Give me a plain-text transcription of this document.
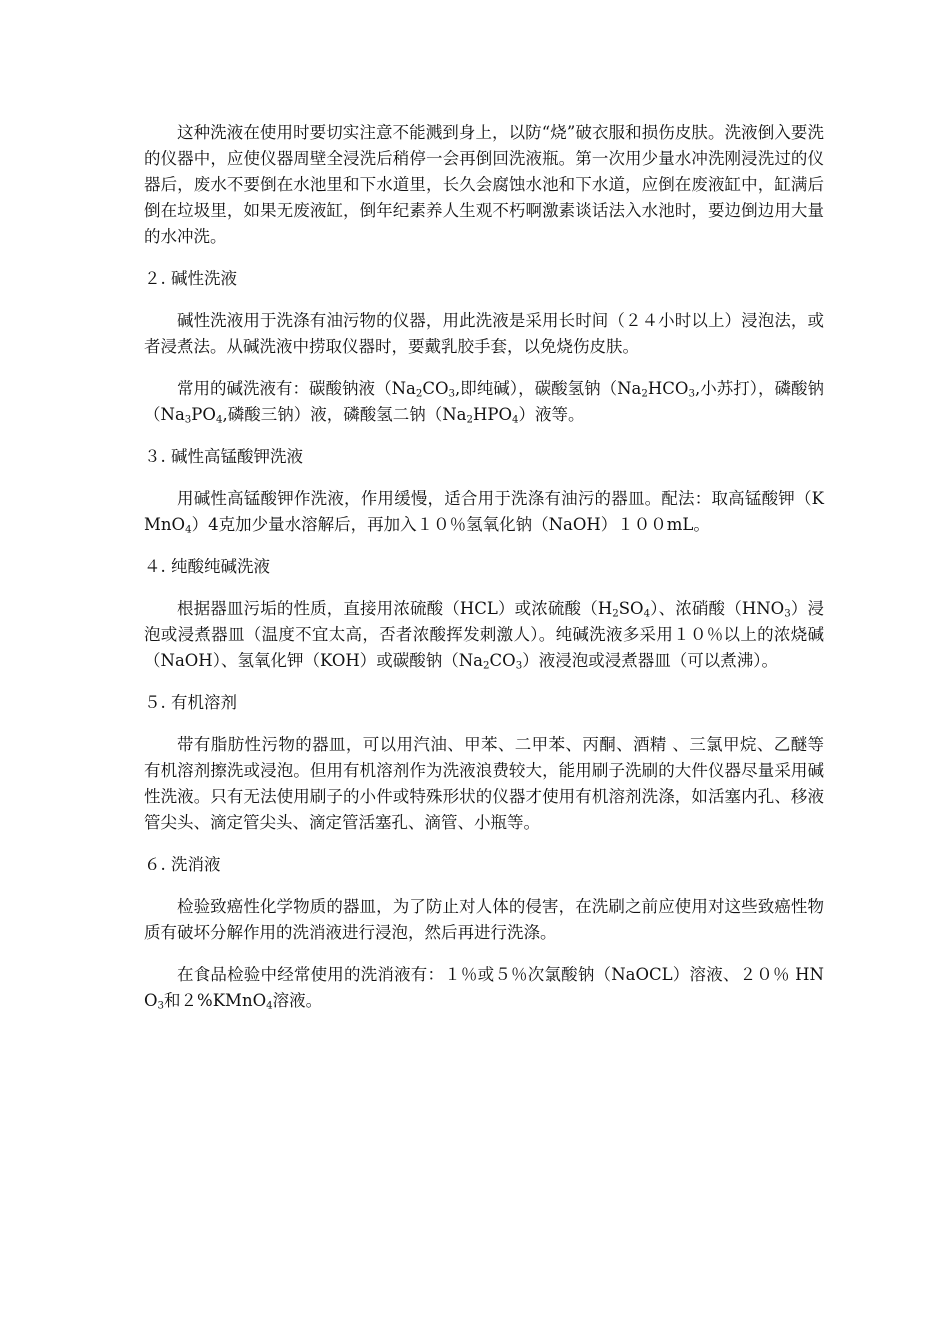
这种洗液在使用时要切实注意不能溅到身上，以防“烧”破衣服和损伤皮肤。洗液倒入要洗的仪器中，应使仪器周壁全浸洗后稍停一会再倒回洗液瓶。第一次用少量水冲洗刚浸洗过的仪器后，废水不要倒在水池里和下水道里，长久会腐蚀水池和下水道，应倒在废液缸中，缸满后倒在垃圾里，如果无废液缸，倒年纪素养人生观不朽啊激素谈话法入水池时，要边倒边用大量的水冲洗。

２. 碱性洗液

碱性洗液用于洗涤有油污物的仪器，用此洗液是采用长时间（２４小时以上）浸泡法，或者浸煮法。从碱洗液中捞取仪器时，要戴乳胶手套，以免烧伤皮肤。

常用的碱洗液有：碳酸钠液（$Na_2CO_3$,即纯碱），碳酸氢钠（$Na_2HCO_3$,小苏打），磷酸钠（$Na_3PO_4$,磷酸三钠）液，磷酸氢二钠$(Na_2HPO_4)$液等。

３. 碱性高锰酸钾洗液

用碱性高锰酸钾作洗液，作用缓慢，适合用于洗涤有油污的器皿。配法：取高锰酸钾（KMnO$_4$）4克加少量水溶解后，再加入１０％氢氧化钠（NaOH）１００mL。

４. 纯酸纯碱洗液

根据器皿污垢的性质，直接用浓硫酸（HCL）或浓硫酸$(H_2SO_4)$、浓硝酸$(HNO_3)$浸泡或浸煮器皿（温度不宜太高，否者浓酸挥发刺激人）。纯碱洗液多采用１０％以上的浓烧碱（NaOH）、氢氧化钾（KOH）或碳酸钠$(Na_2CO_3)$液浸泡或浸煮器皿（可以煮沸）。

５. 有机溶剂

带有脂肪性污物的器皿，可以用汽油、甲苯、二甲苯、丙酮、酒精 、三氯甲烷、乙醚等有机溶剂擦洗或浸泡。但用有机溶剂作为洗液浪费较大，能用刷子洗刷的大件仪器尽量采用碱性洗液。只有无法使用刷子的小件或特殊形状的仪器才使用有机溶剂洗涤，如活塞内孔、移液管尖头、滴定管尖头、滴定管活塞孔、滴管、小瓶等。

６. 洗消液

检验致癌性化学物质的器皿，为了防止对人体的侵害，在洗刷之前应使用对这些致癌性物质有破坏分解作用的洗消液进行浸泡，然后再进行洗涤。

在食品检验中经常使用的洗消液有：１％或５％次氯酸钠（NaOCL）溶液、２０％ $HNO_3$和２%KMnO$_4$溶液。
